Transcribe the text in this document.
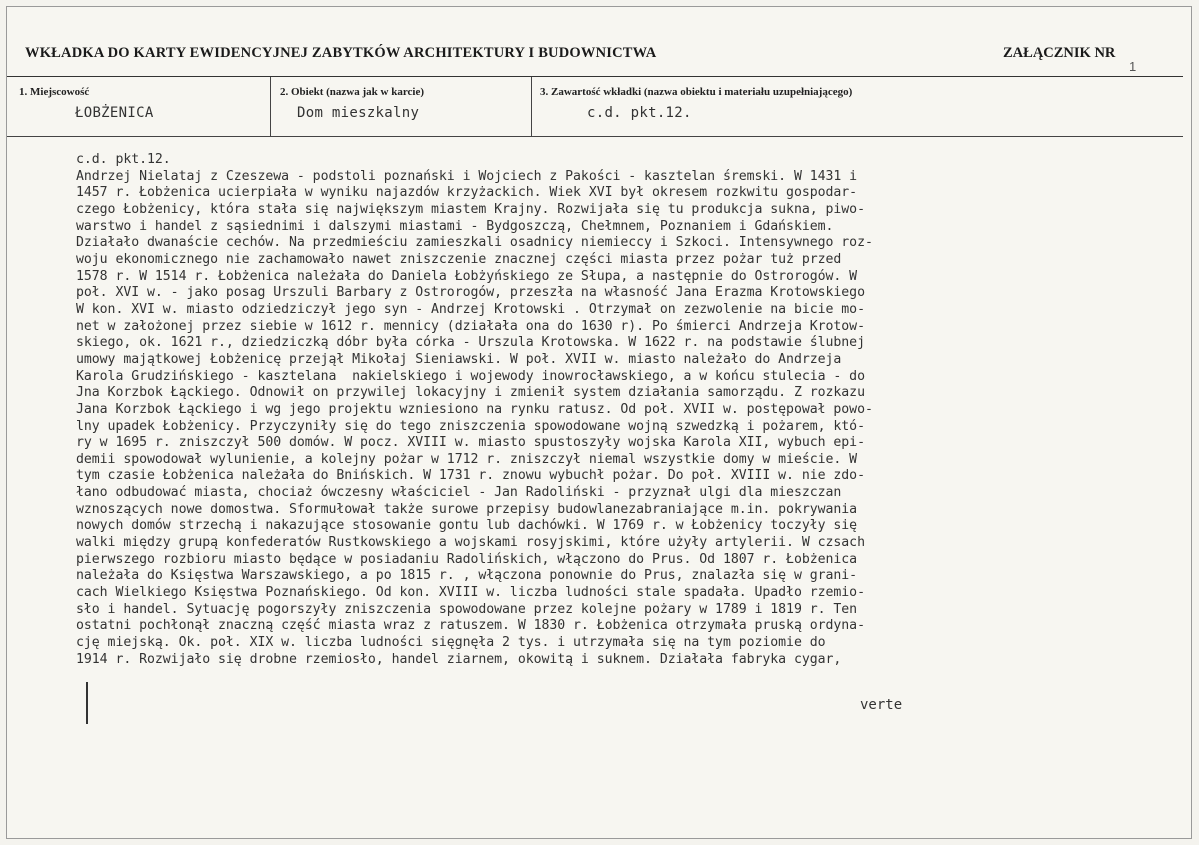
WKŁADKA DO KARTY EWIDENCYJNEJ ZABYTKÓW ARCHITEKTURY I BUDOWNICTWA	ZAŁĄCZNIK NR
1
1. Miejscowość
ŁOBŻENICA
2. Obiekt (nazwa jak w karcie)
Dom mieszkalny
3. Zawartość wkładki (nazwa obiektu i materiału uzupełniającego)
c.d. pkt.12.
c.d. pkt.12.
Andrzej Nielataj z Czeszewa - podstoli poznański i Wojciech z Pakości - kasztelan śremski. W 1431 i
1457 r. Łobżenica ucierpiała w wyniku najazdów krzyżackich. Wiek XVI był okresem rozkwitu gospodar-
czego Łobżenicy, która stała się największym miastem Krajny. Rozwijała się tu produkcja sukna, piwo-
warstwo i handel z sąsiednimi i dalszymi miastami - Bydgoszczą, Chełmnem, Poznaniem i Gdańskiem.
Działało dwanaście cechów. Na przedmieściu zamieszkali osadnicy niemieccy i Szkoci. Intensywnego roz-
woju ekonomicznego nie zachamowało nawet zniszczenie znacznej części miasta przez pożar tuż przed
1578 r. W 1514 r. Łobżenica należała do Daniela Łobżyńskiego ze Słupa, a następnie do Ostrorogów. W
poł. XVI w. - jako posag Urszuli Barbary z Ostrorogów, przeszła na własność Jana Erazma Krotowskiego
W kon. XVI w. miasto odziedziczył jego syn - Andrzej Krotowski . Otrzymał on zezwolenie na bicie mo-
net w założonej przez siebie w 1612 r. mennicy (działała ona do 1630 r). Po śmierci Andrzeja Krotow-
skiego, ok. 1621 r., dziedziczką dóbr była córka - Urszula Krotowska. W 1622 r. na podstawie ślubnej
umowy majątkowej Łobżenicę przejął Mikołaj Sieniawski. W poł. XVII w. miasto należało do Andrzeja
Karola Grudzińskiego - kasztelana  nakielskiego i wojewody inowrocławskiego, a w końcu stulecia - do
Jna Korzbok Łąckiego. Odnowił on przywilej lokacyjny i zmienił system działania samorządu. Z rozkazu
Jana Korzbok Łąckiego i wg jego projektu wzniesiono na rynku ratusz. Od poł. XVII w. postępował powo-
lny upadek Łobżenicy. Przyczyniły się do tego zniszczenia spowodowane wojną szwedzką i pożarem, któ-
ry w 1695 r. zniszczył 500 domów. W pocz. XVIII w. miasto spustoszyły wojska Karola XII, wybuch epi-
demii spowodował wylunienie, a kolejny pożar w 1712 r. zniszczył niemal wszystkie domy w mieście. W
tym czasie Łobżenica należała do Bnińskich. W 1731 r. znowu wybuchł pożar. Do poł. XVIII w. nie zdo-
łano odbudować miasta, chociaż ówczesny właściciel - Jan Radoliński - przyznał ulgi dla mieszczan
wznoszących nowe domostwa. Sformułował także surowe przepisy budowlanezabraniające m.in. pokrywania
nowych domów strzechą i nakazujące stosowanie gontu lub dachówki. W 1769 r. w Łobżenicy toczyły się
walki między grupą konfederatów Rustkowskiego a wojskami rosyjskimi, które użyły artylerii. W czsach
pierwszego rozbioru miasto będące w posiadaniu Radolińskich, włączono do Prus. Od 1807 r. Łobżenica
należała do Księstwa Warszawskiego, a po 1815 r. , włączona ponownie do Prus, znalazła się w grani-
cach Wielkiego Księstwa Poznańskiego. Od kon. XVIII w. liczba ludności stale spadała. Upadło rzemio-
sło i handel. Sytuację pogorszyły zniszczenia spowodowane przez kolejne pożary w 1789 i 1819 r. Ten
ostatni pochłonął znaczną część miasta wraz z ratuszem. W 1830 r. Łobżenica otrzymała pruską ordyna-
cję miejską. Ok. poł. XIX w. liczba ludności sięgnęła 2 tys. i utrzymała się na tym poziomie do
1914 r. Rozwijało się drobne rzemiosło, handel ziarnem, okowitą i suknem. Działała fabryka cygar,
verte
